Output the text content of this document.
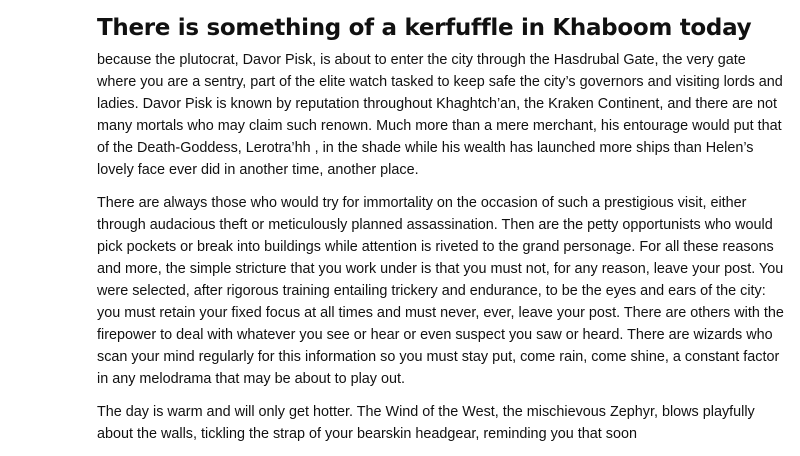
There is something of a kerfuffle in Khaboom today

because the plutocrat, Davor Pisk, is about to enter the city through the Hasdrubal Gate, the very gate where you are a sentry, part of the elite watch tasked to keep safe the city’s governors and visiting lords and ladies. Davor Pisk is known by reputation throughout Khaghtch’an, the Kraken Continent, and there are not many mortals who may claim such renown. Much more than a mere merchant, his entourage would put that of the Death-Goddess, Lerotra’hh , in the shade while his wealth has launched more ships than Helen’s lovely face ever did in another time, another place.

There are always those who would try for immortality on the occasion of such a prestigious visit, either through audacious theft or meticulously planned assassination. Then are the petty opportunists who would pick pockets or break into buildings while attention is riveted to the grand personage. For all these reasons and more, the simple stricture that you work under is that you must not, for any reason, leave your post. You were selected, after rigorous training entailing trickery and endurance, to be the eyes and ears of the city: you must retain your fixed focus at all times and must never, ever, leave your post. There are others with the firepower to deal with whatever you see or hear or even suspect you saw or heard. There are wizards who scan your mind regularly for this information so you must stay put, come rain, come shine, a constant factor in any melodrama that may be about to play out.

The day is warm and will only get hotter. The Wind of the West, the mischievous Zephyr, blows playfully about the walls, tickling the strap of your bearskin headgear, reminding you that soon
